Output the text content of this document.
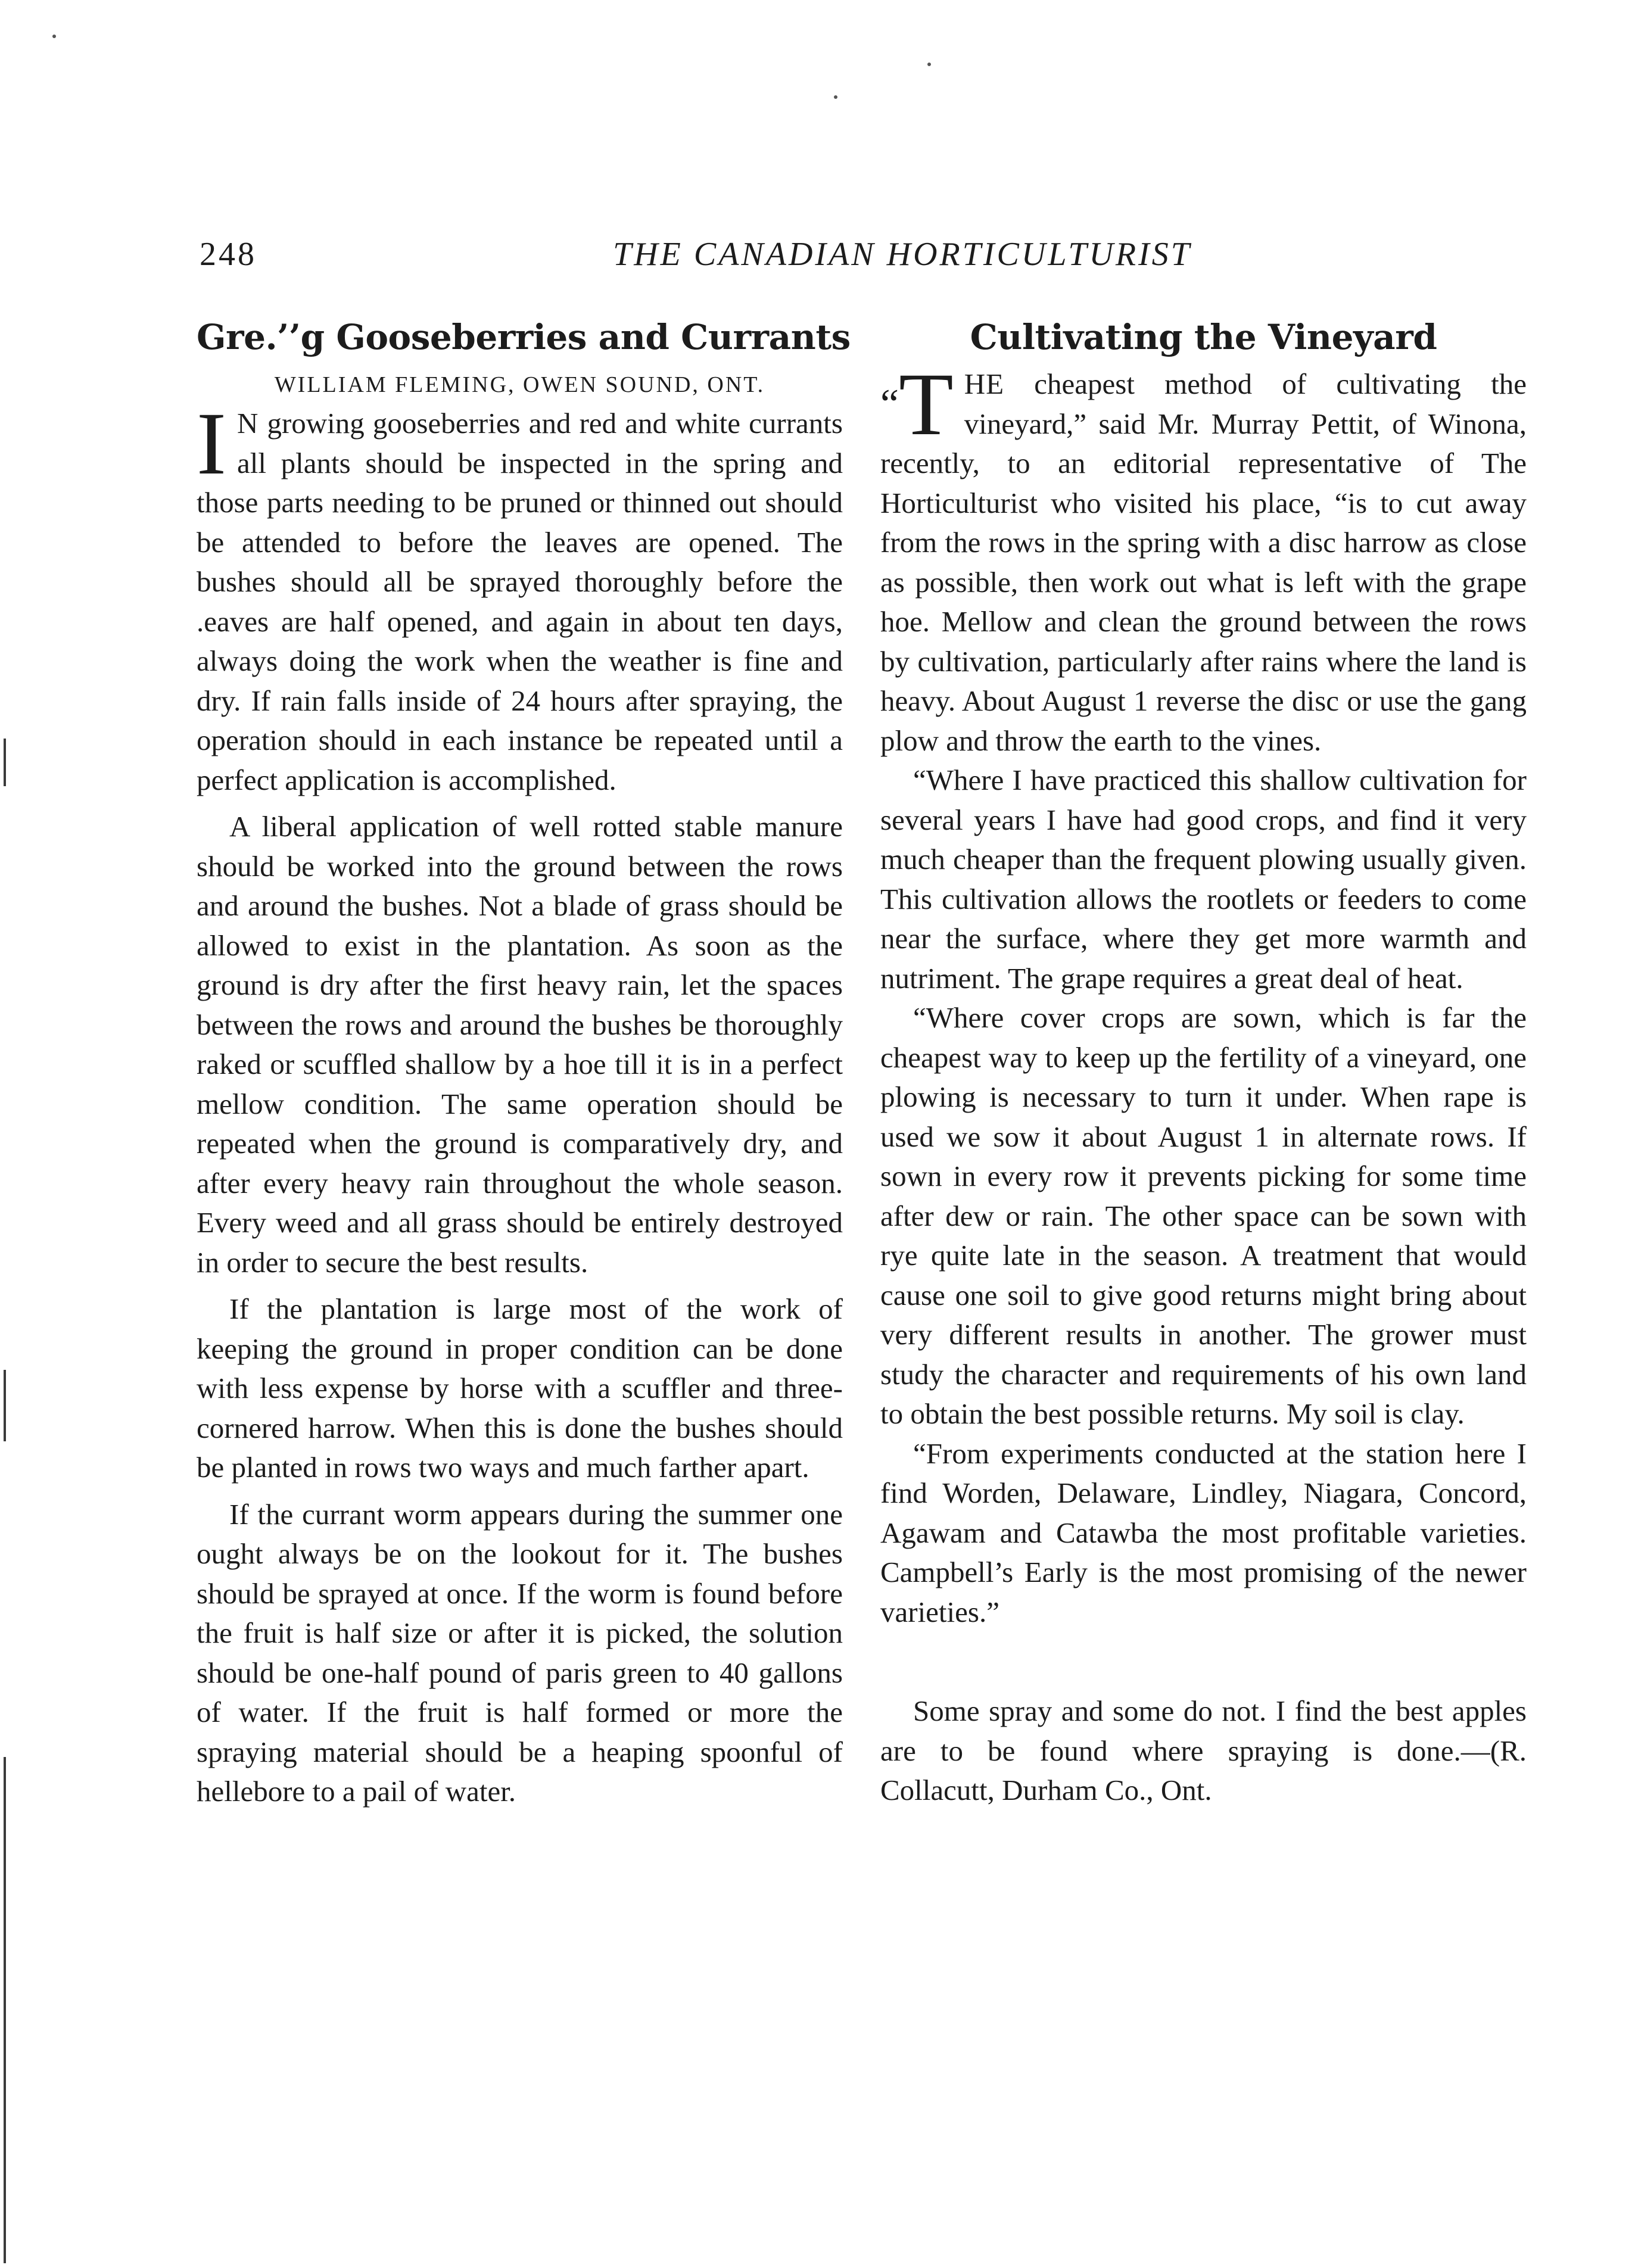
248	THE CANADIAN HORTICULTURIST
Gre.’’g Gooseberries and Currants
WILLIAM FLEMING, OWEN SOUND, ONT.

I N growing gooseberries and red and white currants all plants should be inspected in the spring and those parts needing to be pruned or thinned out should be attended to before the leaves are opened. The bushes should all be sprayed thoroughly before the .eaves are half opened, and again in about ten days, always doing the work when the weather is fine and dry. If rain falls inside of 24 hours after spraying, the operation should in each instance be repeated until a perfect application is accomplished.

A liberal application of well rotted stable manure should be worked into the ground between the rows and around the bushes. Not a blade of grass should be allowed to exist in the plantation. As soon as the ground is dry after the first heavy rain, let the spaces between the rows and around the bushes be thoroughly raked or scuffled shallow by a hoe till it is in a perfect mellow condition. The same operation should be repeated when the ground is comparatively dry, and after every heavy rain throughout the whole season. Every weed and all grass should be entirely destroyed in order to secure the best results.

If the plantation is large most of the work of keeping the ground in proper condition can be done with less expense by horse with a scuffler and three-cornered harrow. When this is done the bushes should be planted in rows two ways and much farther apart.

If the currant worm appears during the summer one ought always be on the lookout for it. The bushes should be sprayed at once. If the worm is found before the fruit is half size or after it is picked, the solution should be one-half pound of paris green to 40 gallons of water. If the fruit is half formed or more the spraying material should be a heaping spoonful of hellebore to a pail of water.

Cultivating the Vineyard

“T HE cheapest method of cultivating the vineyard,” said Mr. Murray Pettit, of Winona, recently, to an editorial representative of The Horticulturist who visited his place, “is to cut away from the rows in the spring with a disc harrow as close as possible, then work out what is left with the grape hoe. Mellow and clean the ground between the rows by cultivation, particularly after rains where the land is heavy. About August 1 reverse the disc or use the gang plow and throw the earth to the vines.

“Where I have practiced this shallow cultivation for several years I have had good crops, and find it very much cheaper than the frequent plowing usually given. This cultivation allows the rootlets or feeders to come near the surface, where they get more warmth and nutriment. The grape requires a great deal of heat.

“Where cover crops are sown, which is far the cheapest way to keep up the fertility of a vineyard, one plowing is necessary to turn it under. When rape is used we sow it about August 1 in alternate rows. If sown in every row it prevents picking for some time after dew or rain. The other space can be sown with rye quite late in the season. A treatment that would cause one soil to give good returns might bring about very different results in another. The grower must study the character and requirements of his own land to obtain the best possible returns. My soil is clay.

“From experiments conducted at the station here I find Worden, Delaware, Lindley, Niagara, Concord, Agawam and Catawba the most profitable varieties. Campbell’s Early is the most promising of the newer varieties.”

Some spray and some do not. I find the best apples are to be found where spraying is done.—(R. Collacutt, Durham Co., Ont.
